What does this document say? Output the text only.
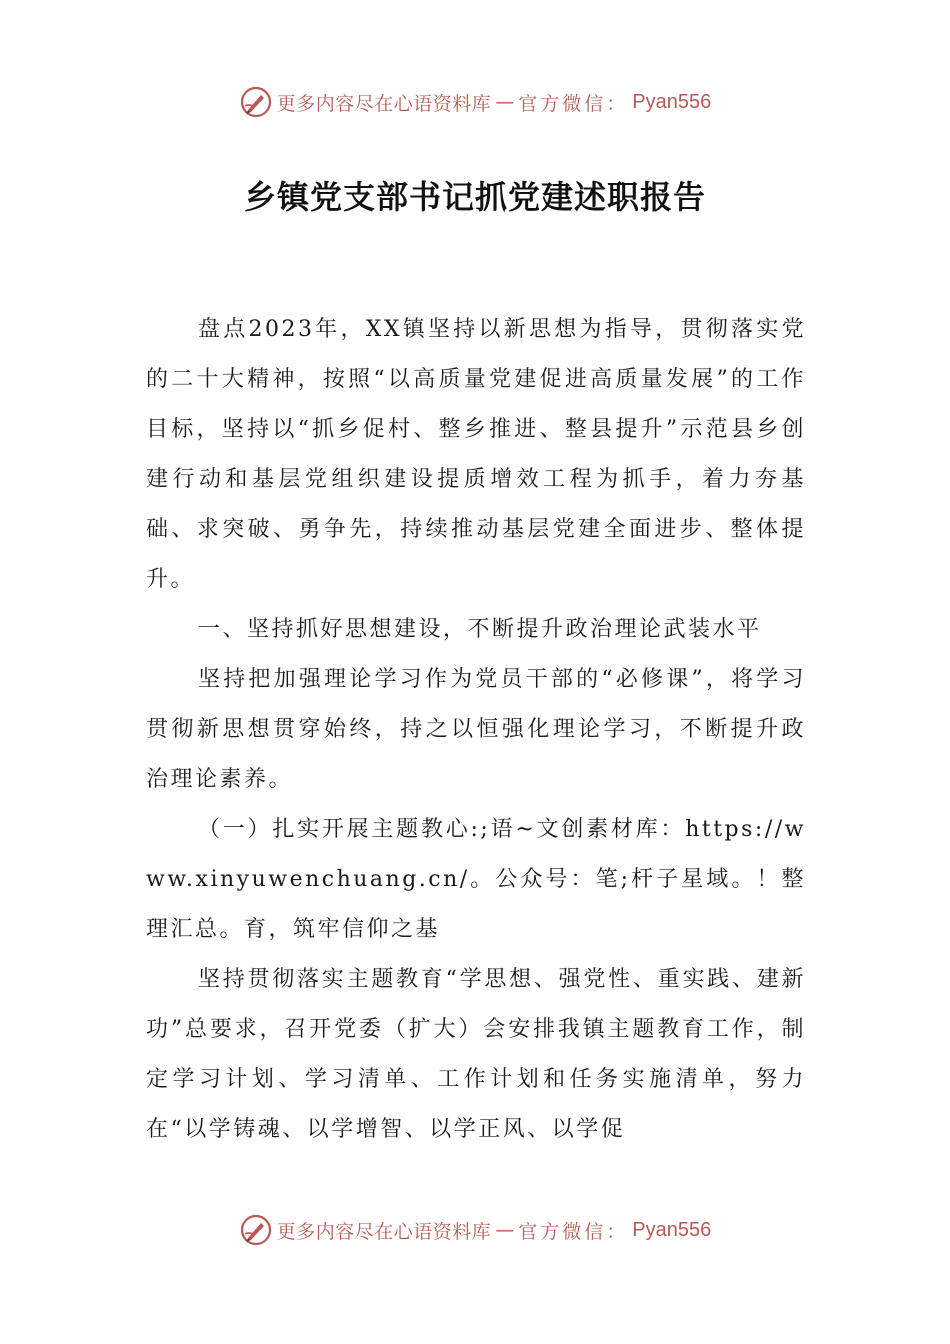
更多内容尽在心语资料库 — 官方微信： Pyan556
乡镇党支部书记抓党建述职报告

盘点2023年，XX镇坚持以新思想为指导，贯彻落实党的二十大精神，按照“以高质量党建促进高质量发展”的工作目标，坚持以“抓乡促村、整乡推进、整县提升”示范县乡创建行动和基层党组织建设提质增效工程为抓手，着力夯基础、求突破、勇争先，持续推动基层党建全面进步、整体提升。

一、坚持抓好思想建设，不断提升政治理论武装水平

坚持把加强理论学习作为党员干部的“必修课”，将学习贯彻新思想贯穿始终，持之以恒强化理论学习，不断提升政治理论素养。

（一）扎实开展主题教心:;语~文创素材库：https://www.xinyuwenchuang.cn/。公众号：笔;杆子星域。！整理汇总。育，筑牢信仰之基

坚持贯彻落实主题教育“学思想、强党性、重实践、建新功”总要求，召开党委（扩大）会安排我镇主题教育工作，制定学习计划、学习清单、工作计划和任务实施清单，努力在“以学铸魂、以学增智、以学正风、以学促

更多内容尽在心语资料库 — 官方微信： Pyan556
